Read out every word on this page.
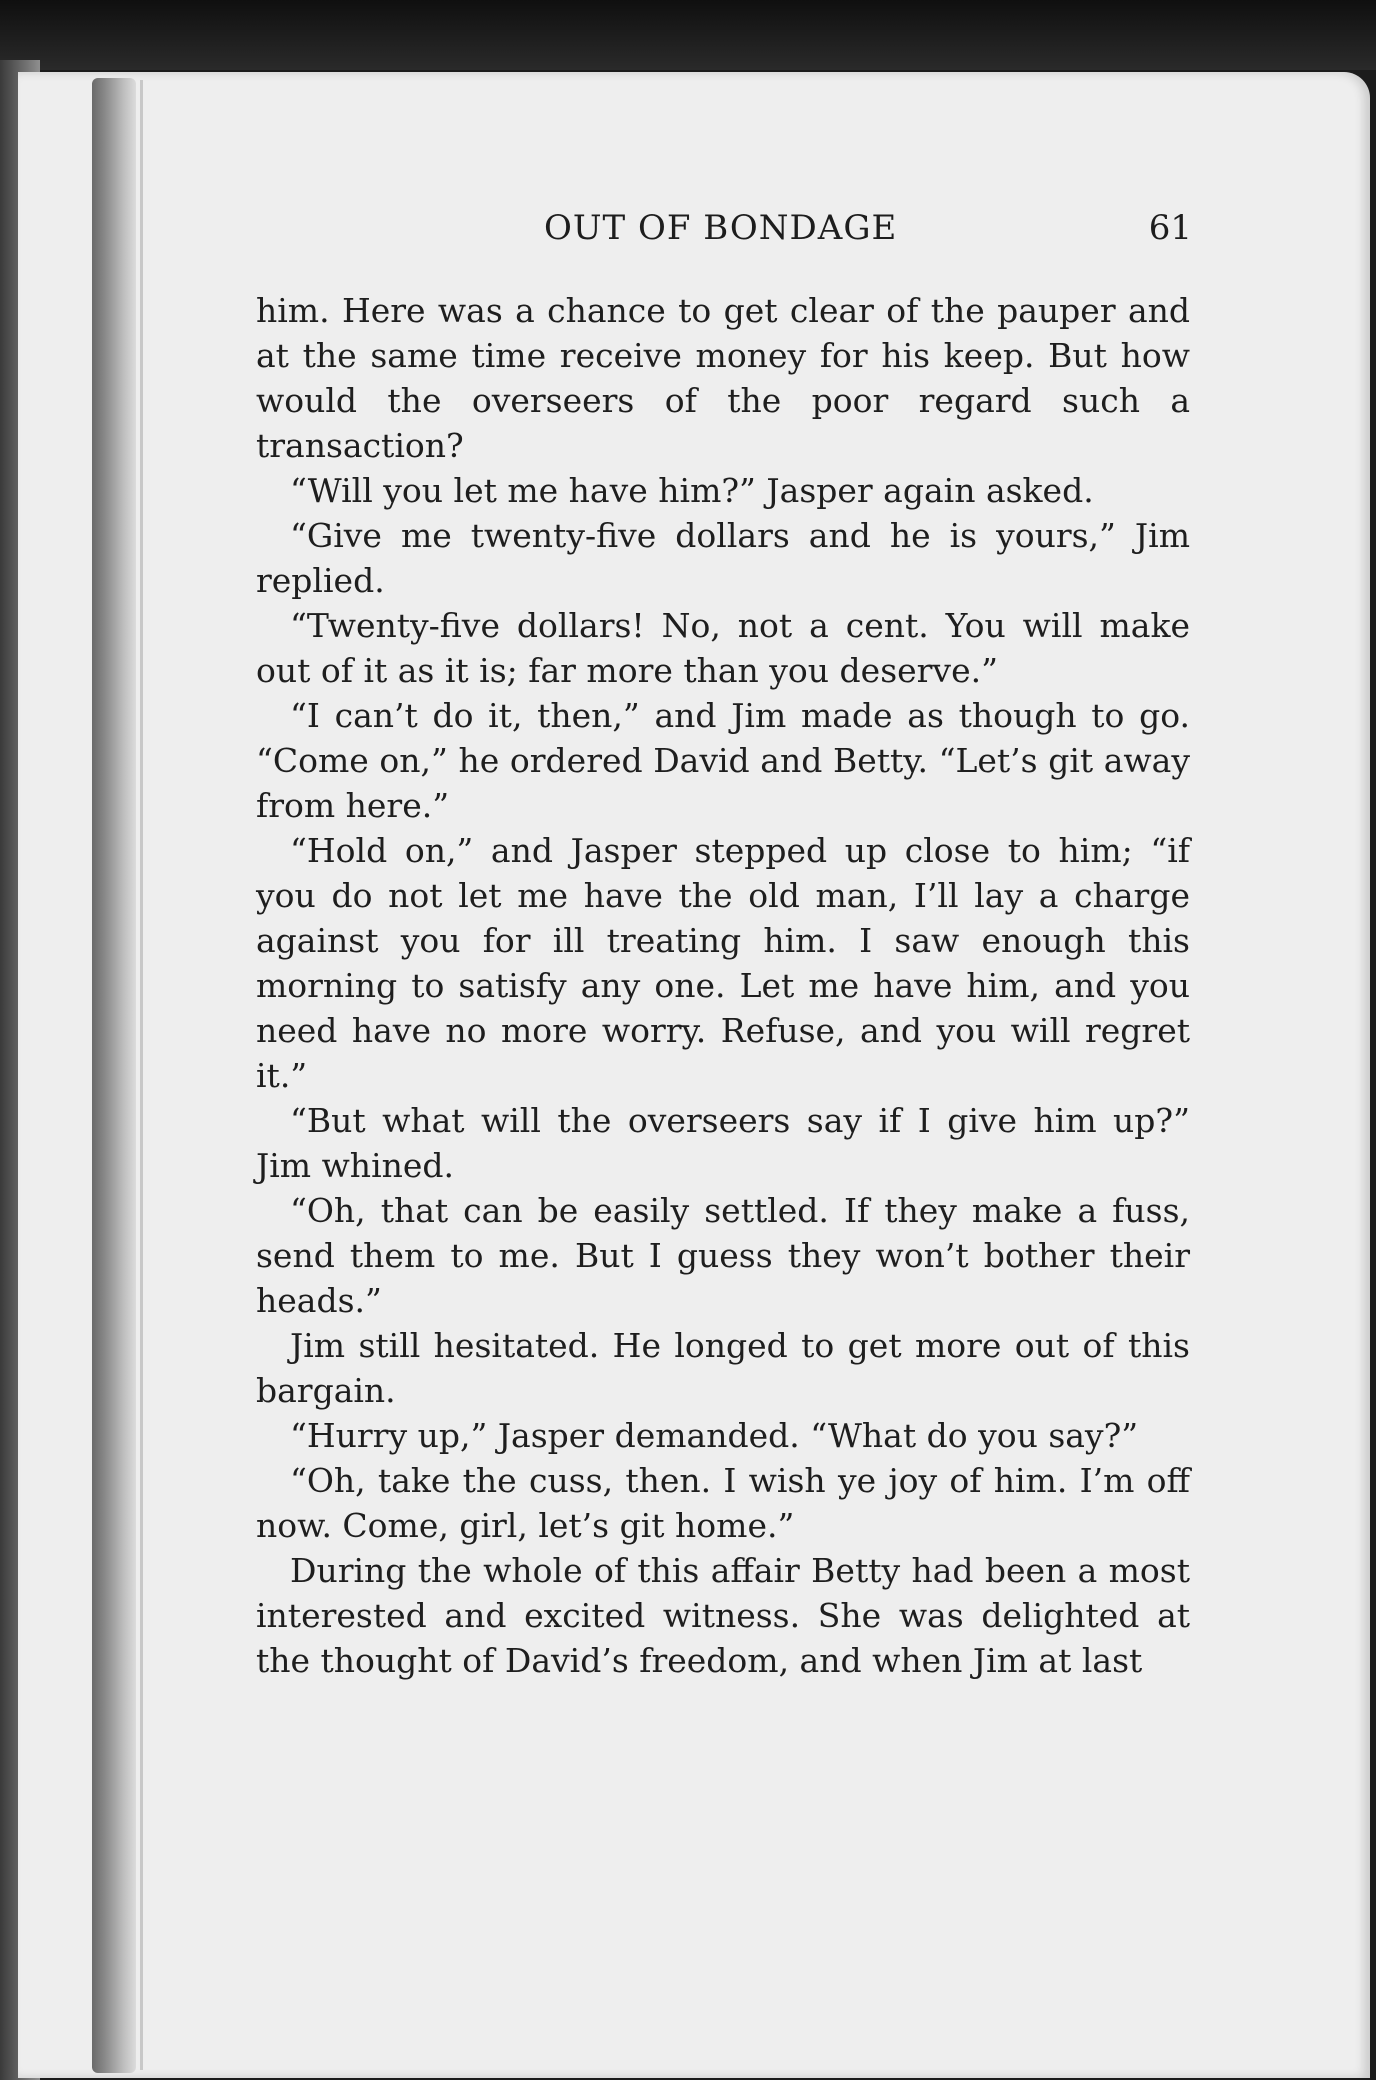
OUT OF BONDAGE	61

him. Here was a chance to get clear of the pauper and at the same time receive money for his keep. But how would the overseers of the poor regard such a transaction?

“Will you let me have him?” Jasper again asked.

“Give me twenty-five dollars and he is yours,” Jim replied.

“Twenty-five dollars! No, not a cent. You will make out of it as it is; far more than you deserve.”

“I can’t do it, then,” and Jim made as though to go. “Come on,” he ordered David and Betty. “Let’s git away from here.”

“Hold on,” and Jasper stepped up close to him; “if you do not let me have the old man, I’ll lay a charge against you for ill treating him. I saw enough this morning to satisfy any one. Let me have him, and you need have no more worry. Refuse, and you will regret it.”

“But what will the overseers say if I give him up?” Jim whined.

“Oh, that can be easily settled. If they make a fuss, send them to me. But I guess they won’t bother their heads.”

Jim still hesitated. He longed to get more out of this bargain.

“Hurry up,” Jasper demanded. “What do you say?”

“Oh, take the cuss, then. I wish ye joy of him. I’m off now. Come, girl, let’s git home.”

During the whole of this affair Betty had been a most interested and excited witness. She was delighted at the thought of David’s freedom, and when Jim at last
